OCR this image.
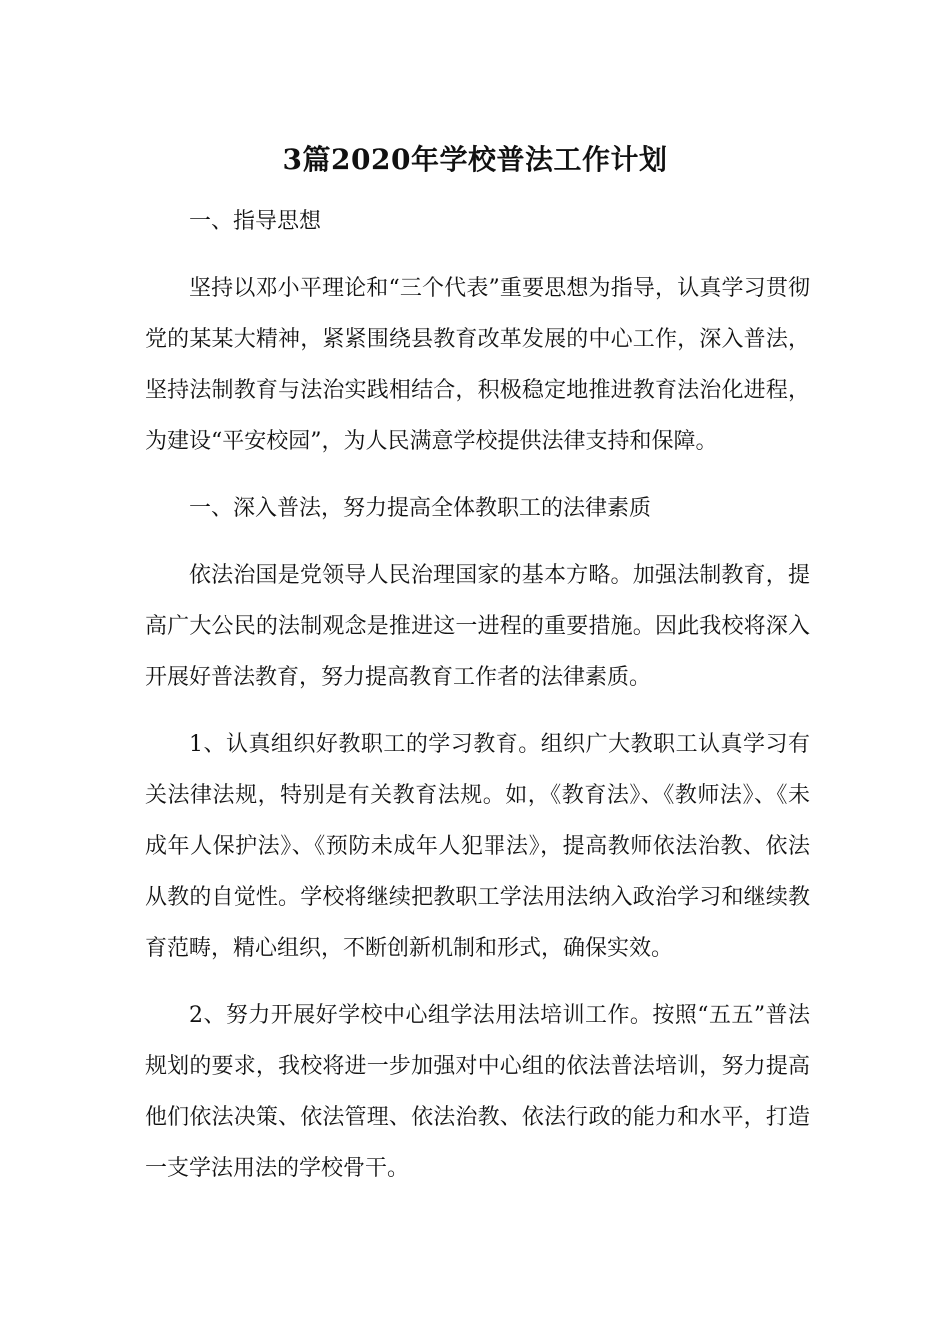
3篇2020年学校普法工作计划

一、指导思想

坚持以邓小平理论和“三个代表”重要思想为指导，认真学习贯彻党的某某大精神，紧紧围绕县教育改革发展的中心工作，深入普法，坚持法制教育与法治实践相结合，积极稳定地推进教育法治化进程，为建设“平安校园”，为人民满意学校提供法律支持和保障。

一、深入普法，努力提高全体教职工的法律素质

依法治国是党领导人民治理国家的基本方略。加强法制教育，提高广大公民的法制观念是推进这一进程的重要措施。因此我校将深入开展好普法教育，努力提高教育工作者的法律素质。

1、认真组织好教职工的学习教育。组织广大教职工认真学习有关法律法规，特别是有关教育法规。如，《教育法》、《教师法》、《未成年人保护法》、《预防未成年人犯罪法》，提高教师依法治教、依法从教的自觉性。学校将继续把教职工学法用法纳入政治学习和继续教育范畴，精心组织，不断创新机制和形式，确保实效。

2、努力开展好学校中心组学法用法培训工作。按照“五五”普法规划的要求，我校将进一步加强对中心组的依法普法培训，努力提高他们依法决策、依法管理、依法治教、依法行政的能力和水平，打造一支学法用法的学校骨干。
